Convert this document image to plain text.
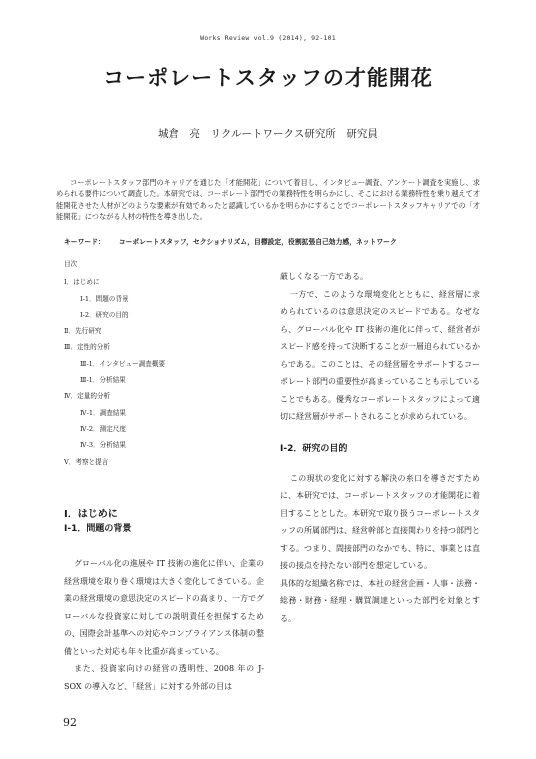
Works Review vol.9 (2014), 92-101
コーポレートスタッフの才能開花
城倉　亮　リクルートワークス研究所　研究員
コーポレートスタッフ部門のキャリアを通じた「才能開花」について着目し、インタビュー調査、アンケート調査を実施し、求められる要件について調査した。本研究では、コーポレート部門での業務特性を明らかにし、そこにおける業務特性を乗り越えて才能開花させた人材がどのような要素が有効であったと認識しているかを明らかにすることでコーポレートスタッフキャリアでの「才能開花」につながる人材の特性を導き出した。
キーワード： コーポレートスタッフ，セクショナリズム，目標設定，役割拡張自己効力感，ネットワーク
目次
Ⅰ．はじめに
Ⅰ-1．問題の背景
Ⅰ-2．研究の目的
Ⅱ．先行研究
Ⅲ．定性的分析
Ⅲ-1．インタビュー調査概要
Ⅲ-1．分析結果
Ⅳ．定量的分析
Ⅳ-1．調査結果
Ⅳ-2．測定尺度
Ⅳ-3．分析結果
Ⅴ．考察と提言
Ⅰ．はじめに
Ⅰ-1．問題の背景
グローバル化の進展や IT 技術の進化に伴い、企業の経営環境を取り巻く環境は大きく変化してきている。企業の経営環境の意思決定のスピードの高まり、一方でグローバルな投資家に対しての説明責任を担保するための、国際会計基準への対応やコンプライアンス体制の整備といった対応も年々比重が高まっている。
また、投資家向けの経営の透明性、2008 年の J-SOX の導入など、「経営」に対する外部の目は
厳しくなる一方である。
一方で、このような環境変化とともに、経営層に求められているのは意思決定のスピードである。なぜなら、グローバル化や IT 技術の進化に伴って、経営者がスピード感を持って決断することが一層迫られているからである。このことは、その経営層をサポートするコーポレート部門の重要性が高まっていることも示していることでもある。優秀なコーポレートスタッフによって適切に経営層がサポートされることが求められている。
Ⅰ-2．研究の目的
この現状の変化に対する解決の糸口を導きだすために、本研究では、コーポレートスタッフの才能開花に着目することとした。本研究で取り扱うコーポレートスタッフの所属部門は、経営幹部と直接関わりを持つ部門とする。つまり、間接部門のなかでも、特に、事業とは直接の接点を持たない部門を想定している。
具体的な組織名称では、本社の経営企画・人事・法務・総務・財務・経理・購買調達といった部門を対象とする。
92
